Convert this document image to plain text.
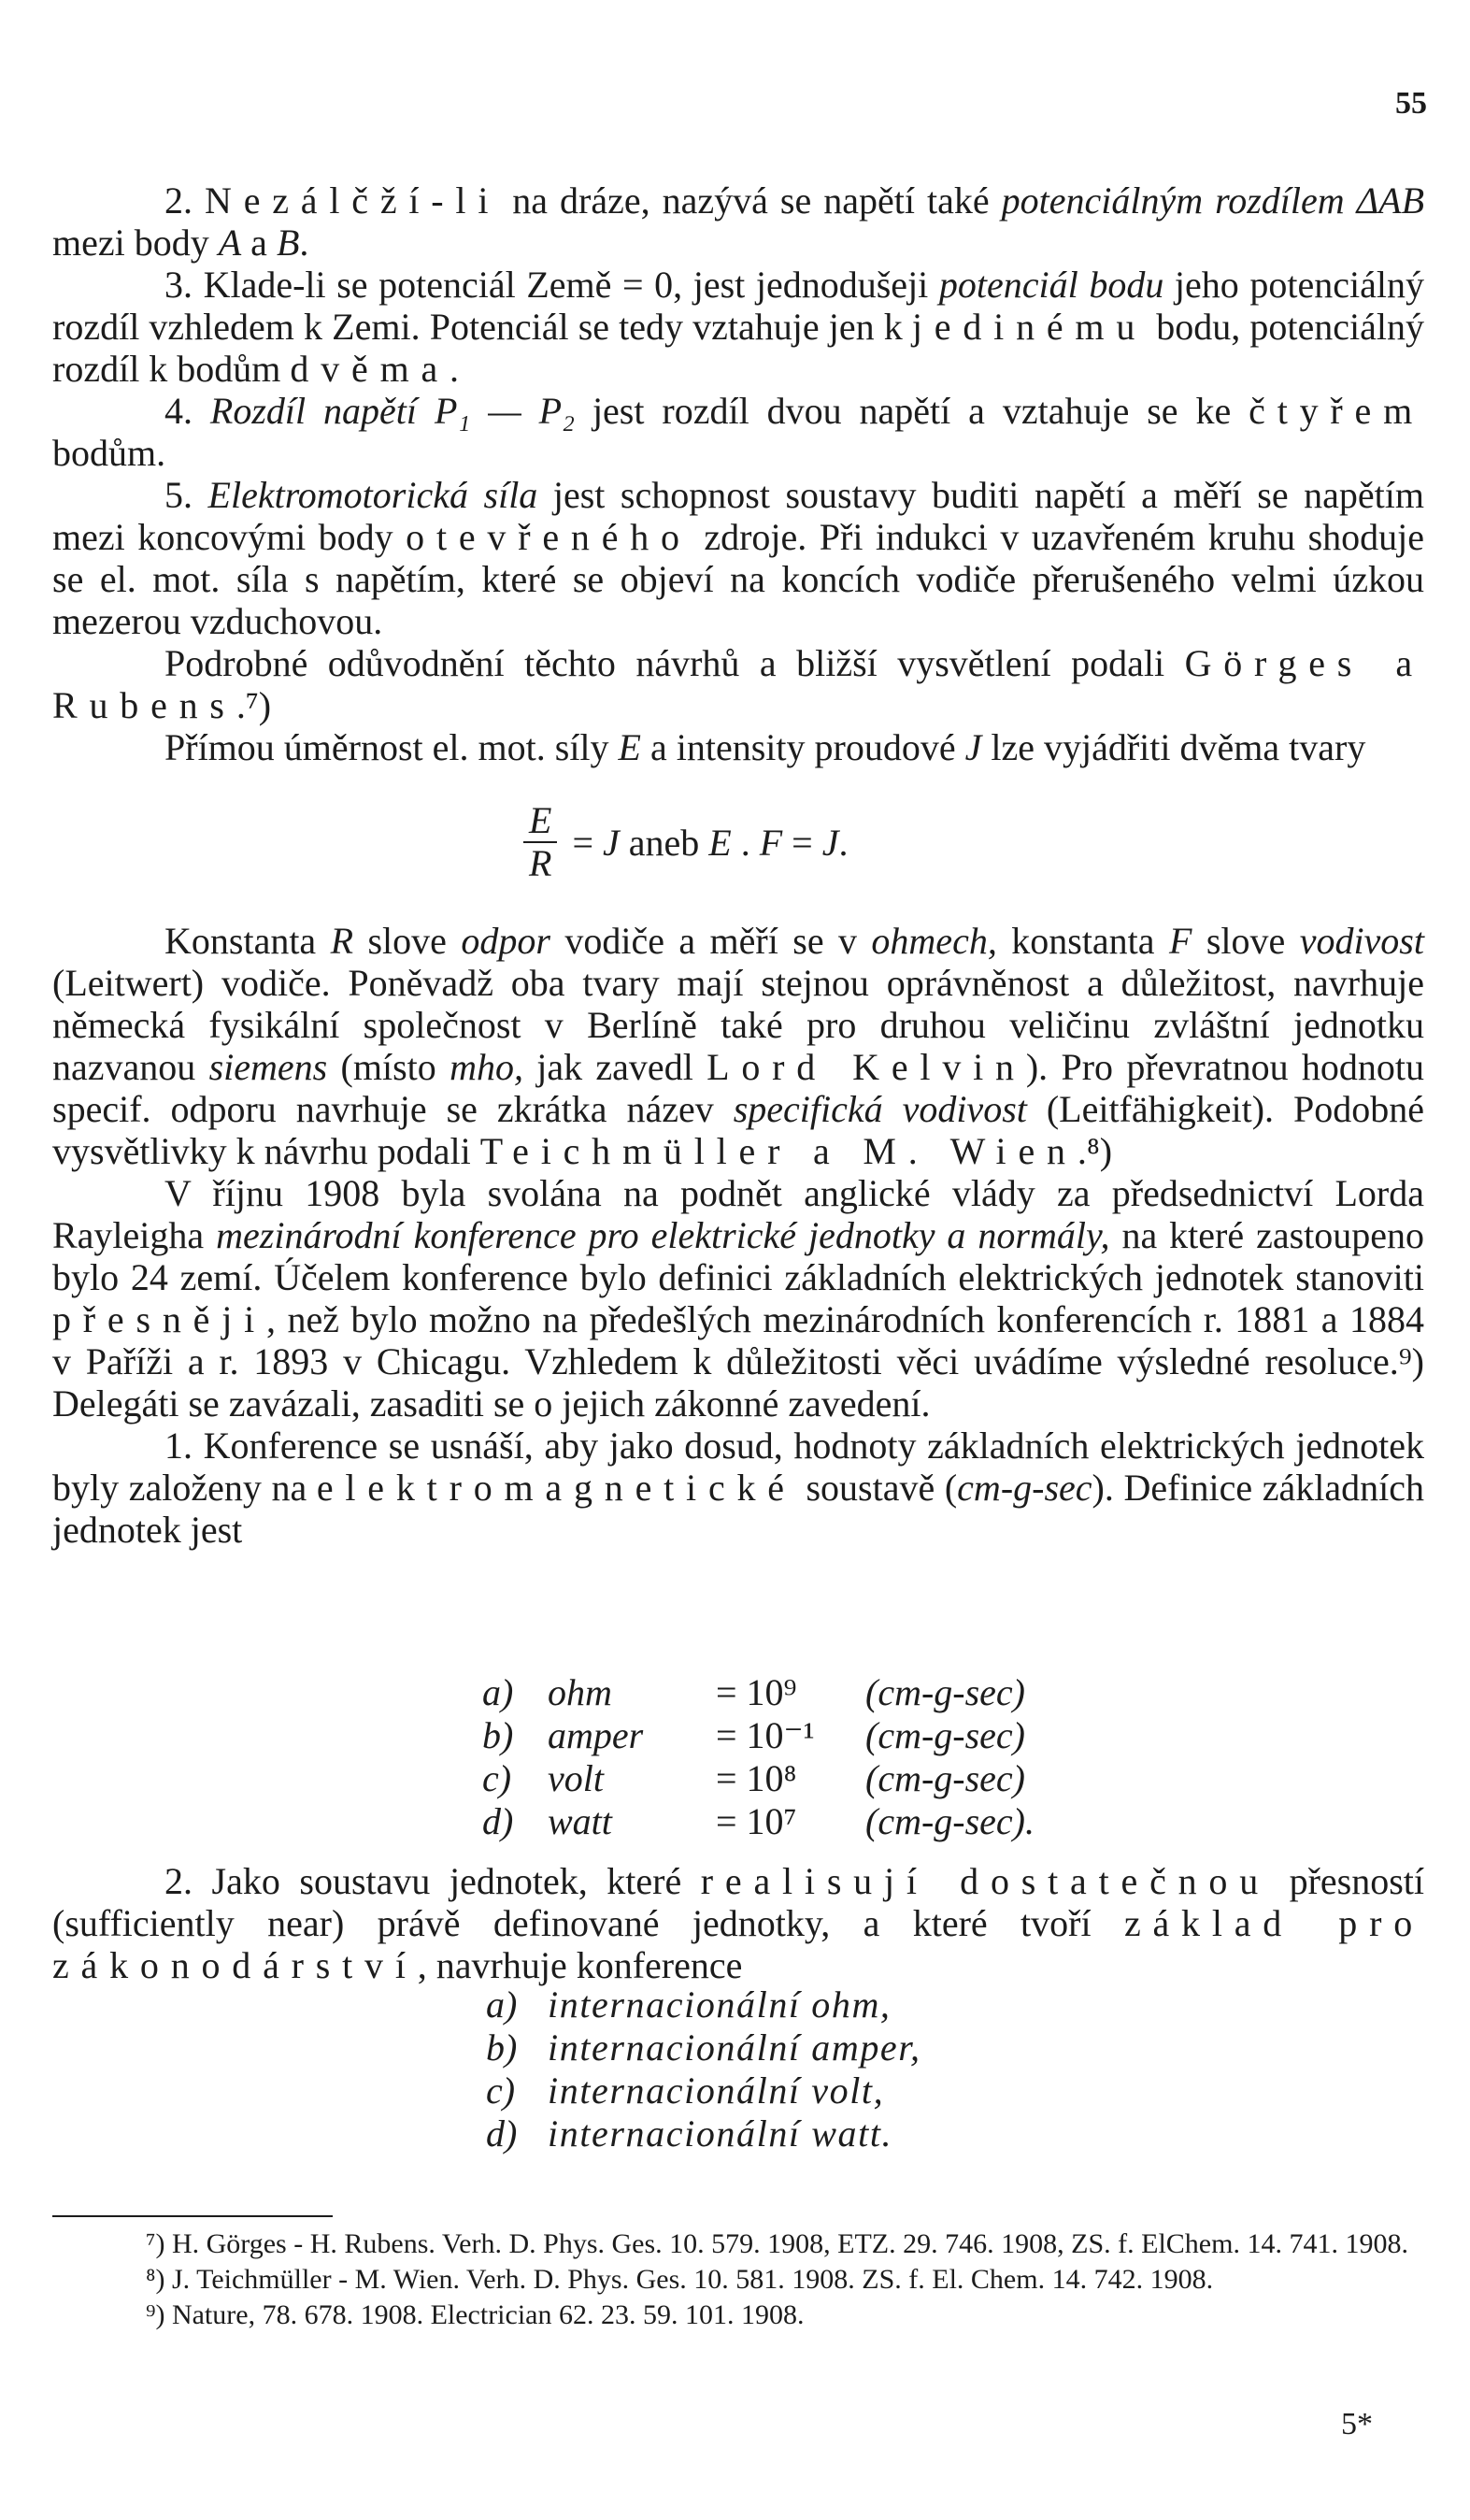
55

2. Nezálčží-li na dráze, nazývá se napětí také potenciálným rozdílem ΔAB mezi body A a B.

3. Klade-li se potenciál Země = 0, jest jednodušeji potenciál bodu jeho potenciálný rozdíl vzhledem k Zemi. Potenciál se tedy vztahuje jen k jedinému bodu, potenciálný rozdíl k bodům dvěma.

4. Rozdíl napětí P₁ — P₂ jest rozdíl dvou napětí a vztahuje se ke čtyřem bodům.

5. Elektromotorická síla jest schopnost soustavy buditi napětí a měří se napětím mezi koncovými body otevřeného zdroje. Při indukci v uzavřeném kruhu shoduje se el. mot. síla s napětím, které se objeví na koncích vodiče přerušeného velmi úzkou mezerou vzduchovou.

Podrobné odůvodnění těchto návrhů a bližší vysvětlení podali Görges a Rubens.⁷)

Přímou úměrnost el. mot. síly E a intensity proudové J lze vyjádřiti dvěma tvary

$\frac{E}{R} = J$ aneb E . F = J.

Konstanta R slove odpor vodiče a měří se v ohmech, konstanta F slove vodivost (Leitwert) vodiče. Poněvadž oba tvary mají stejnou oprávněnost a důležitost, navrhuje německá fysikální společnost v Berlíně také pro druhou veličinu zvláštní jednotku nazvanou siemens (místo mho, jak zavedl Lord Kelvin). Pro převratnou hodnotu specif. odporu navrhuje se zkrátka název specifická vodivost (Leitfähigkeit). Podobné vysvětlivky k návrhu podali Teichmüller a M. Wien.⁸)

V říjnu 1908 byla svolána na podnět anglické vlády za předsednictví Lorda Rayleigha mezinárodní konference pro elektrické jednotky a normály, na které zastoupeno bylo 24 zemí. Účelem konference bylo definici základních elektrických jednotek stanoviti přesněji, než bylo možno na předešlých mezinárodních konferencích r. 1881 a 1884 v Paříži a r. 1893 v Chicagu. Vzhledem k důležitosti věci uvádíme výsledné resoluce.⁹) Delegáti se zavázali, zasaditi se o jejich zákonné zavedení.

1. Konference se usnáší, aby jako dosud, hodnoty základních elektrických jednotek byly založeny na elektromagnetické soustavě (cm-g-sec). Definice základních jednotek jest

a)	ohm	= 10⁹	(cm-g-sec)
b)	amper	= 10⁻¹	(cm-g-sec)
c)	volt	= 10⁸	(cm-g-sec)
d)	watt	= 10⁷	(cm-g-sec).

2. Jako soustavu jednotek, které realisují dostatečnou přesností (sufficiently near) právě definované jednotky, a které tvoří základ pro zákonodárství, navrhuje konference

a) internacionální ohm,
b) internacionální amper,
c) internacionální volt,
d) internacionální watt.

⁷) H. Görges - H. Rubens. Verh. D. Phys. Ges. 10. 579. 1908, ETZ. 29. 746. 1908, ZS. f. ElChem. 14. 741. 1908.

⁸) J. Teichmüller - M. Wien. Verh. D. Phys. Ges. 10. 581. 1908. ZS. f. El. Chem. 14. 742. 1908.

⁹) Nature, 78. 678. 1908. Electrician 62. 23. 59. 101. 1908.

5*
